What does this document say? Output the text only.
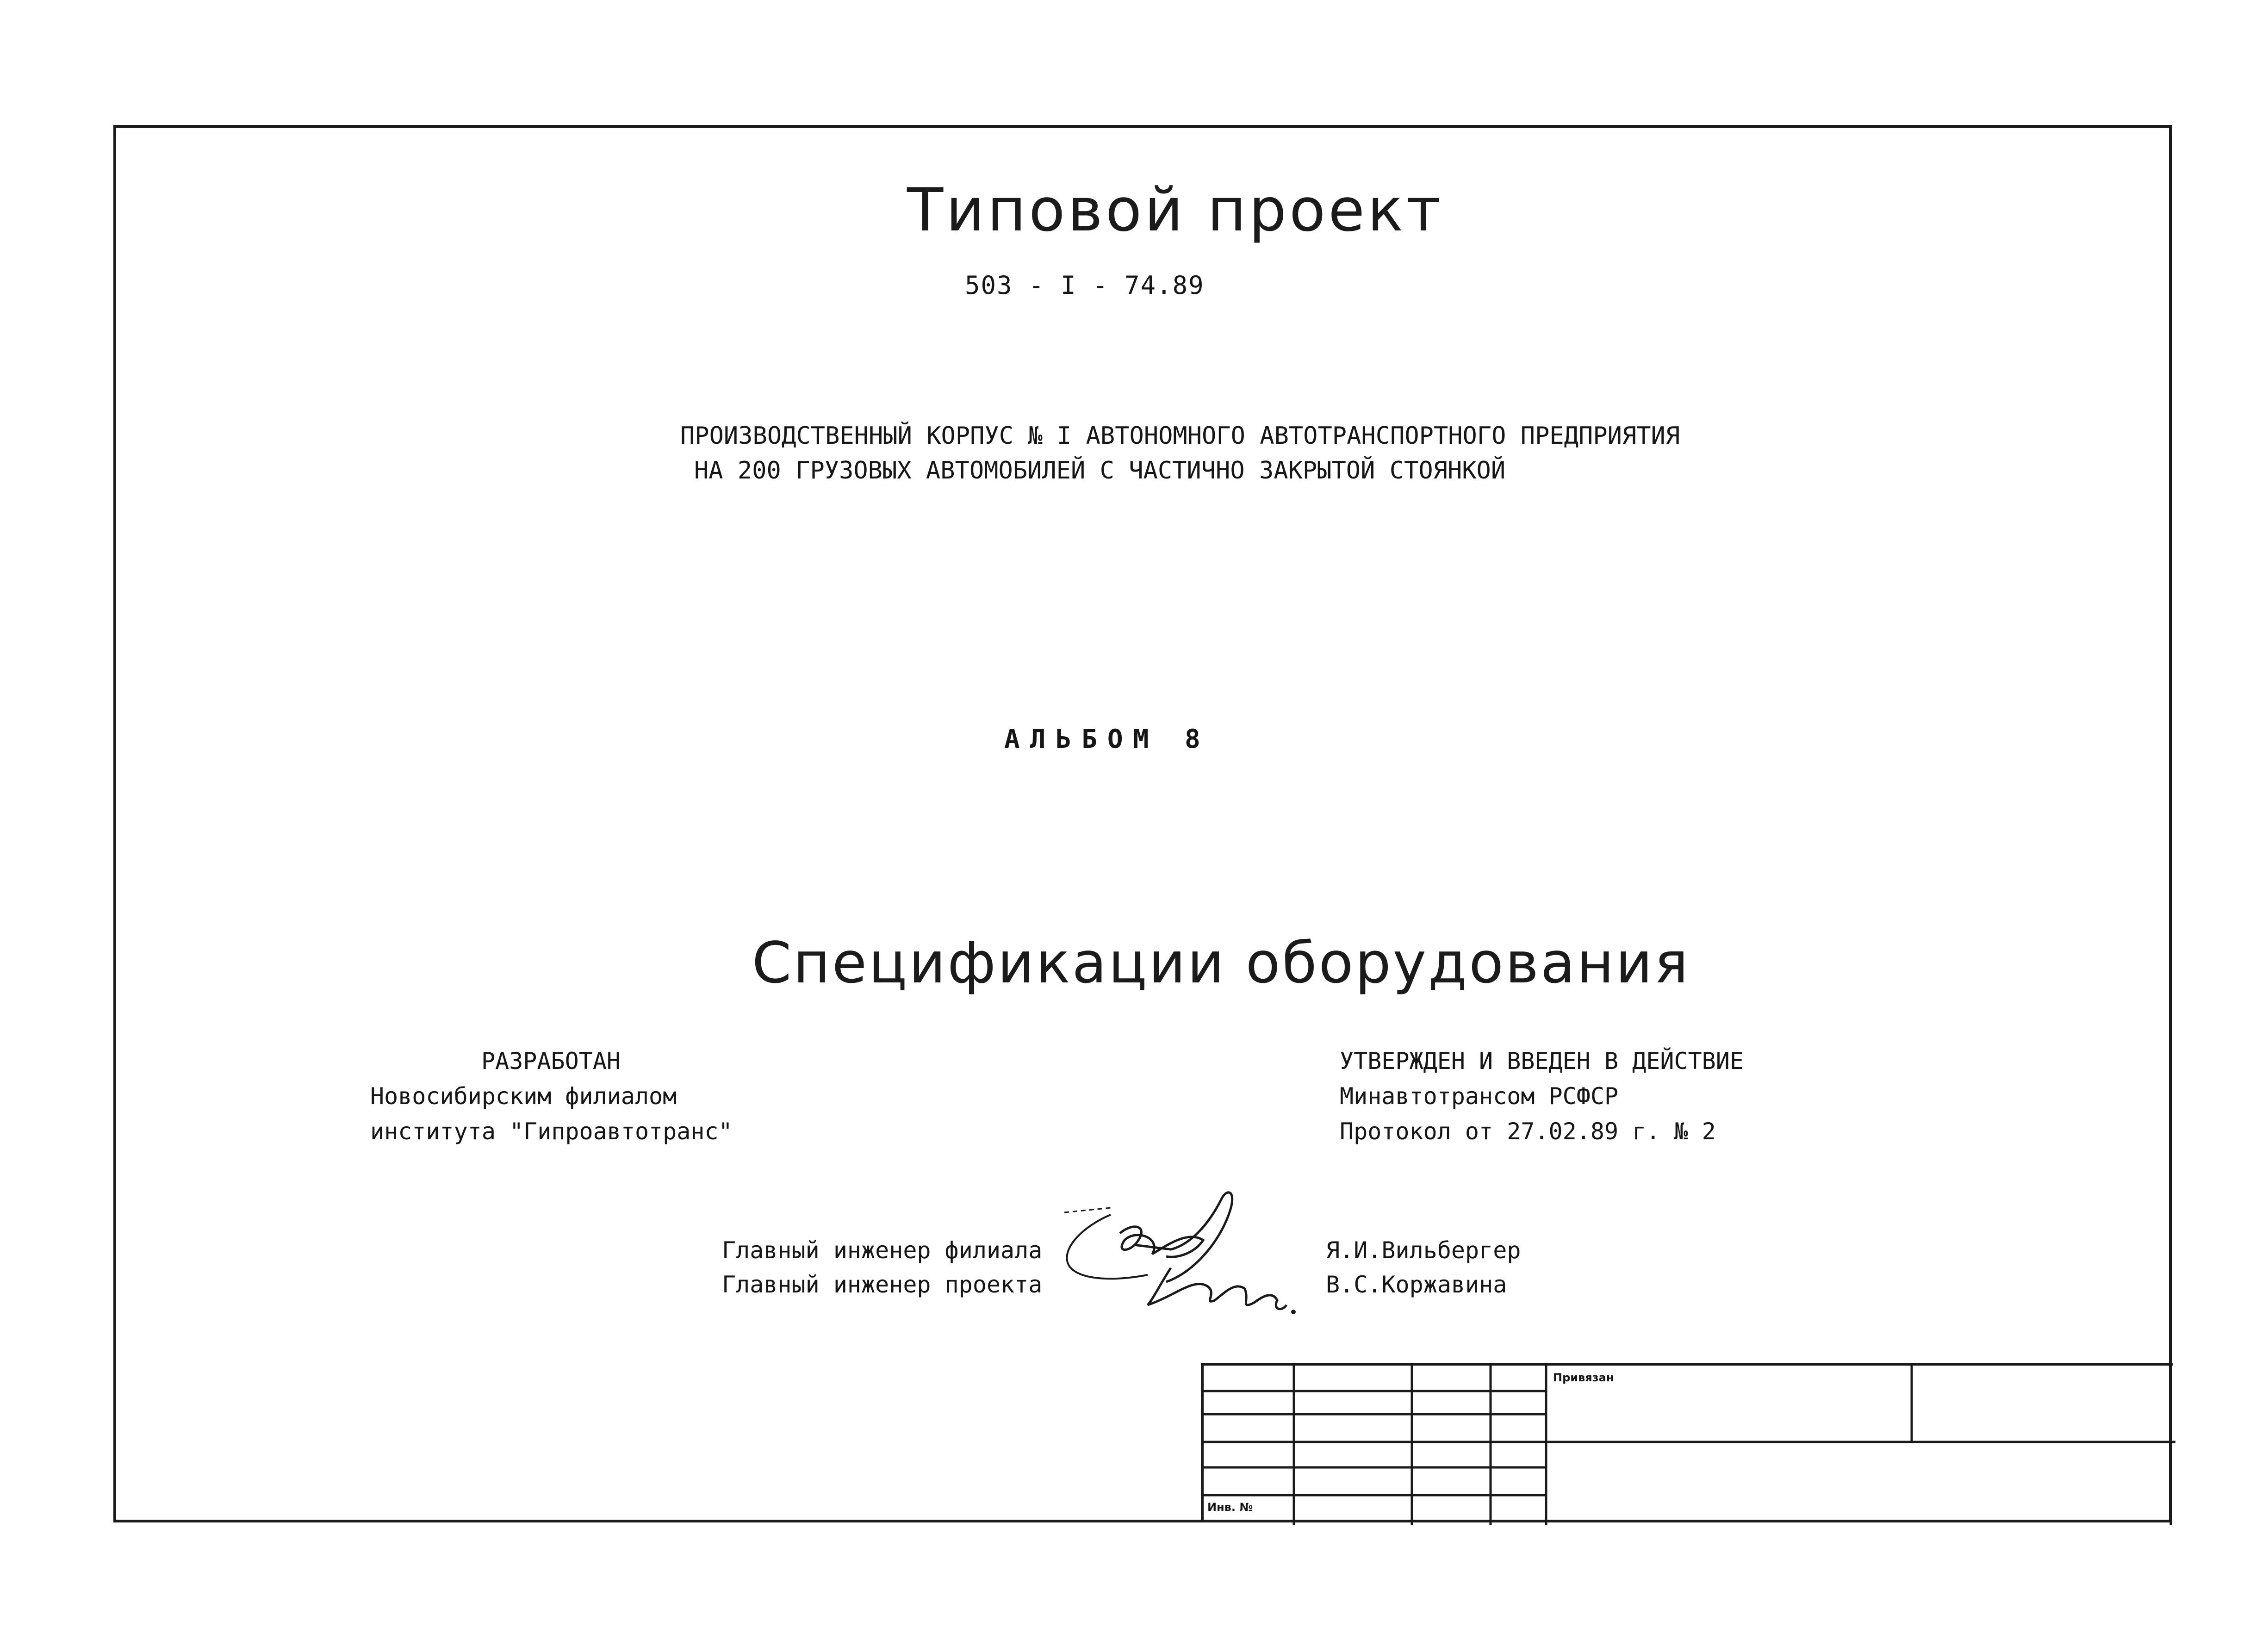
Типовой проект
503 - I - 74.89
ПРОИЗВОДСТВЕННЫЙ КОРПУС № I АВТОНОМНОГО АВТОТРАНСПОРТНОГО ПРЕДПРИЯТИЯ
НА 200 ГРУЗОВЫХ АВТОМОБИЛЕЙ С ЧАСТИЧНО ЗАКРЫТОЙ СТОЯНКОЙ
АЛЬБОМ 8
Спецификации оборудования
РАЗРАБОТАН
Новосибирским филиалом
института "Гипроавтотранс"
УТВЕРЖДЕН И ВВЕДЕН В ДЕЙСТВИЕ
Минавтотрансом РСФСР
Протокол от 27.02.89 г. № 2
Главный инженер филиала
Главный инженер проекта
Я.И.Вильбергер
В.С.Коржавина
Привязан
Инв. №
